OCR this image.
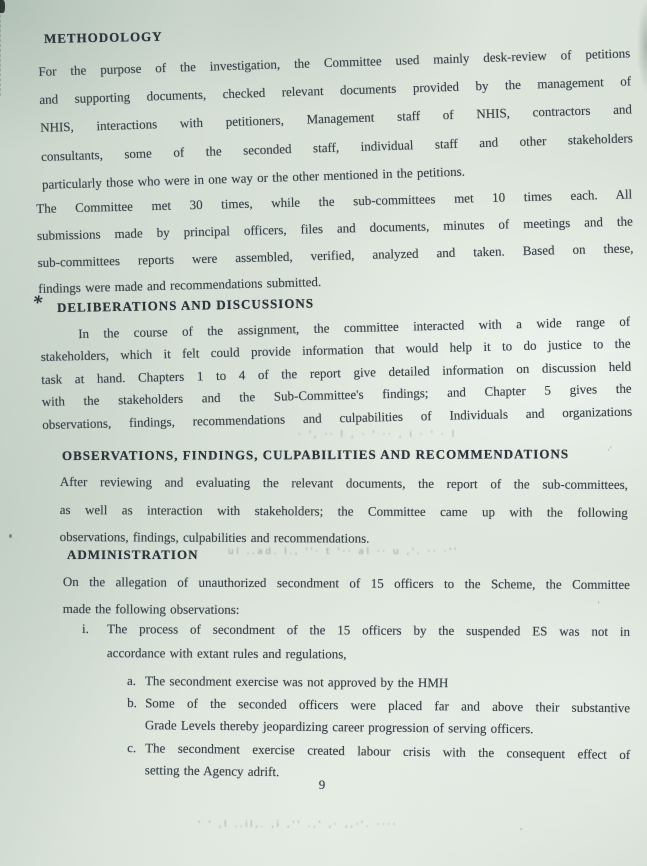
METHODOLOGY
For the purpose of the investigation, the Committee used mainly desk-review of petitions
and supporting documents, checked relevant documents provided by the management of
NHIS, interactions with petitioners, Management staff of NHIS, contractors and
consultants, some of the seconded staff, individual staff and other stakeholders
particularly those who were in one way or the other mentioned in the petitions.
The Committee met 30 times, while the sub-committees met 10 times each. All
submissions made by principal officers, files and documents, minutes of meetings and the
sub-committees reports were assembled, verified, analyzed and taken. Based on these,
findings were made and recommendations submitted.
* DELIBERATIONS AND DISCUSSIONS
In the course of the assignment, the committee interacted with a wide range of
stakeholders, which it felt could provide information that would help it to do justice to the
task at hand. Chapters 1 to 4 of the report give detailed information on discussion held
with the stakeholders and the Sub-Committee's findings; and Chapter 5 gives the
observations, findings, recommendations and culpabilities of Individuals and organizations
· ', ·· l , · ' ·· , i · ' · l
·'
OBSERVATIONS, FINDINGS, CULPABILITIES AND RECOMMENDATIONS
After reviewing and evaluating the relevant documents, the report of the sub-committees,
as well as interaction with stakeholders; the Committee came up with the following
observations, findings, culpabilities and recommendations.
ADMINISTRATION	ul ..ad. l., ''· t '·· al ·· u ,'. ·· ·''
'
On the allegation of unauthorized secondment of 15 officers to the Scheme, the Committee
made the following observations:
i.	The process of secondment of the 15 officers by the suspended ES was not in
accordance with extant rules and regulations,
a. The secondment exercise was not approved by the HMH
b. Some of the seconded officers were placed far and above their substantive
Grade Levels thereby jeopardizing career progression of serving officers.
c. The secondment exercise created labour crisis with the consequent effect of
setting the Agency adrift.
9
' ' ,l ..il,. ,i ,'' .,' ,· ,,·'. ····	,
